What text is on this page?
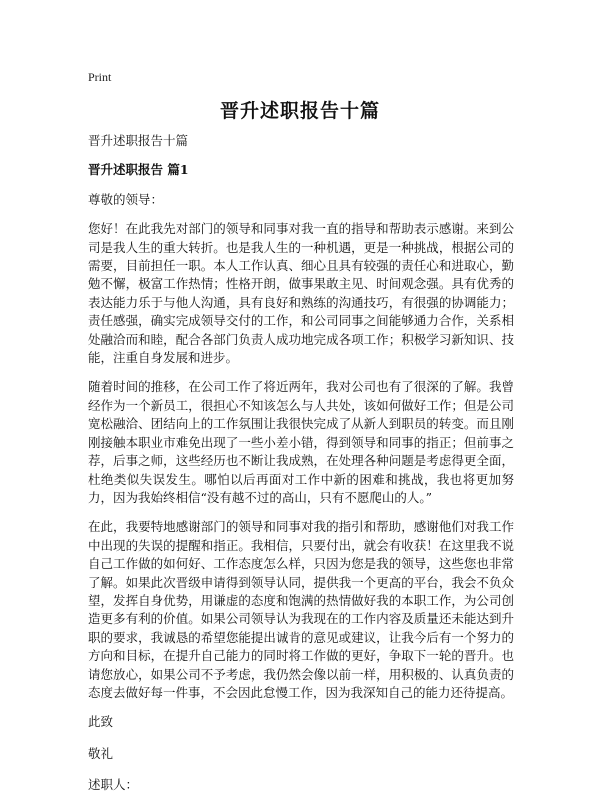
Print
晋升述职报告十篇

晋升述职报告十篇

晋升述职报告 篇1

尊敬的领导：

您好！在此我先对部门的领导和同事对我一直的指导和帮助表示感谢。来到公司是我人生的重大转折。也是我人生的一种机遇，更是一种挑战，根据公司的需要，目前担任一职。本人工作认真、细心且具有较强的责任心和进取心，勤勉不懈，极富工作热情；性格开朗，做事果敢主见、时间观念强。具有优秀的表达能力乐于与他人沟通，具有良好和熟练的沟通技巧，有很强的协调能力；责任感强，确实完成领导交付的工作，和公司同事之间能够通力合作，关系相处融洽而和睦，配合各部门负责人成功地完成各项工作；积极学习新知识、技能，注重自身发展和进步。

随着时间的推移，在公司工作了将近两年，我对公司也有了很深的了解。我曾经作为一个新员工，很担心不知该怎么与人共处，该如何做好工作；但是公司宽松融洽、团结向上的工作氛围让我很快完成了从新人到职员的转变。而且刚刚接触本职业市难免出现了一些小差小错，得到领导和同事的指正；但前事之荐，后事之师，这些经历也不断让我成熟，在处理各种问题是考虑得更全面，杜绝类似失误发生。哪怕以后再面对工作中新的困难和挑战，我也将更加努力，因为我始终相信“没有越不过的高山，只有不愿爬山的人。”

在此，我要特地感谢部门的领导和同事对我的指引和帮助，感谢他们对我工作中出现的失误的提醒和指正。我相信，只要付出，就会有收获！在这里我不说自己工作做的如何好、工作态度怎么样，只因为您是我的领导，这些您也非常了解。如果此次晋级申请得到领导认同，提供我一个更高的平台，我会不负众望，发挥自身优势，用谦虚的态度和饱满的热情做好我的本职工作，为公司创造更多有利的价值。如果公司领导认为我现在的工作内容及质量还未能达到升职的要求，我诚恳的希望您能提出诚肯的意见或建议，让我今后有一个努力的方向和目标，在提升自己能力的同时将工作做的更好，争取下一轮的晋升。也请您放心，如果公司不予考虑，我仍然会像以前一样，用积极的、认真负责的态度去做好每一件事，不会因此怠慢工作，因为我深知自己的能力还待提高。

此致

敬礼

述职人：
